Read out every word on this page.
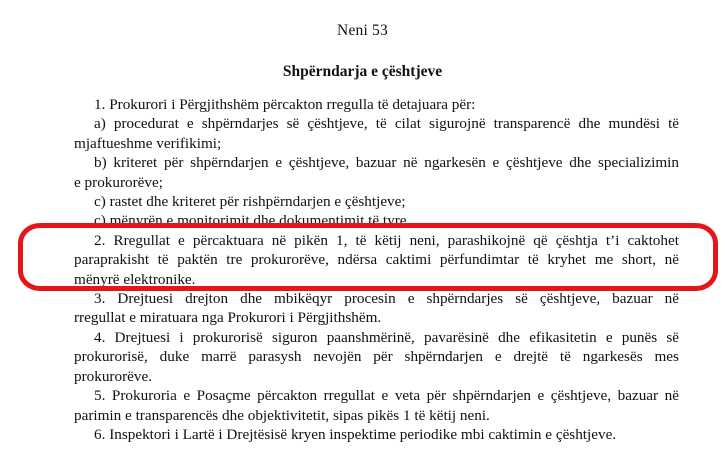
Neni 53
Shpërndarja e çështjeve
1. Prokurori i Përgjithshëm përcakton rregulla të detajuara për:
a) procedurat e shpërndarjes së çështjeve, të cilat sigurojnë transparencë dhe mundësi të
mjaftueshme verifikimi;
b) kriteret për shpërndarjen e çështjeve, bazuar në ngarkesën e çështjeve dhe specializimin
e prokurorëve;
c) rastet dhe kriteret për rishpërndarjen e çështjeve;
ç) mënyrën e monitorimit dhe dokumentimit të tyre.
2. Rregullat e përcaktuara në pikën 1, të këtij neni, parashikojnë që çështja t’i caktohet
paraprakisht të paktën tre prokurorëve, ndërsa caktimi përfundimtar të kryhet me short, në
mënyrë elektronike.
3. Drejtuesi drejton dhe mbikëqyr procesin e shpërndarjes së çështjeve, bazuar në
rregullat e miratuara nga Prokurori i Përgjithshëm.
4. Drejtuesi i prokurorisë siguron paanshmërinë, pavarësinë dhe efikasitetin e punës së
prokurorisë, duke marrë parasysh nevojën për shpërndarjen e drejtë të ngarkesës mes
prokurorëve.
5. Prokuroria e Posaçme përcakton rregullat e veta për shpërndarjen e çështjeve, bazuar në
parimin e transparencës dhe objektivitetit, sipas pikës 1 të këtij neni.
6. Inspektori i Lartë i Drejtësisë kryen inspektime periodike mbi caktimin e çështjeve.
